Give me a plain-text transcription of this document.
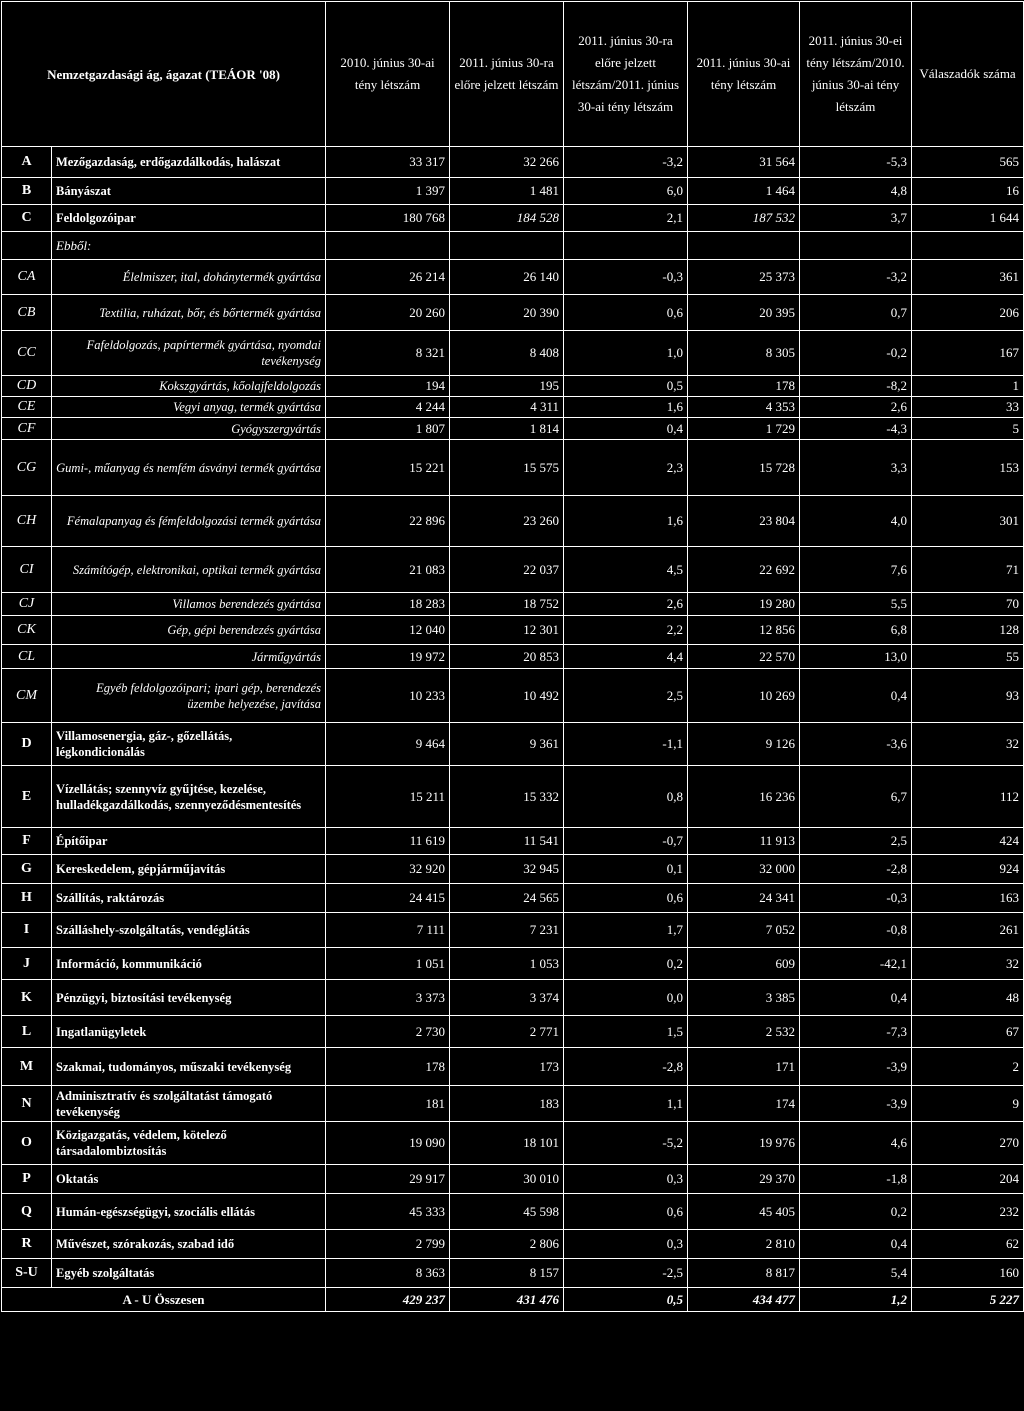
Nemzetgazdasági ág, ágazat (TEÁOR '08)		2010. június 30-ai tény létszám	2011. június 30-ra előre jelzett létszám	2011. június 30-ra előre jelzett létszám/2011. június 30-ai tény létszám	2011. június 30-ai tény létszám	2011. június 30-ei tény létszám/2010. június 30-ai tény létszám	Válaszadók száma
A	Mezőgazdaság, erdőgazdálkodás, halászat	33 317	32 266	-3,2	31 564	-5,3	565
B	Bányászat	1 397	1 481	6,0	1 464	4,8	16
C	Feldolgozóipar	180 768	184 528	2,1	187 532	3,7	1 644
	Ebből:						
CA	Élelmiszer, ital, dohánytermék gyártása	26 214	26 140	-0,3	25 373	-3,2	361
CB	Textilia, ruházat, bőr, és bőrtermék gyártása	20 260	20 390	0,6	20 395	0,7	206
CC	Fafeldolgozás, papírtermék gyártása, nyomdai tevékenység	8 321	8 408	1,0	8 305	-0,2	167
CD	Kokszgyártás, kőolajfeldolgozás	194	195	0,5	178	-8,2	1
CE	Vegyi anyag, termék gyártása	4 244	4 311	1,6	4 353	2,6	33
CF	Gyógyszergyártás	1 807	1 814	0,4	1 729	-4,3	5
CG	Gumi-, műanyag és nemfém ásványi termék gyártása	15 221	15 575	2,3	15 728	3,3	153
CH	Fémalapanyag és fémfeldolgozási termék gyártása	22 896	23 260	1,6	23 804	4,0	301
CI	Számítógép, elektronikai, optikai termék gyártása	21 083	22 037	4,5	22 692	7,6	71
CJ	Villamos berendezés gyártása	18 283	18 752	2,6	19 280	5,5	70
CK	Gép, gépi berendezés gyártása	12 040	12 301	2,2	12 856	6,8	128
CL	Járműgyártás	19 972	20 853	4,4	22 570	13,0	55
CM	Egyéb feldolgozóipari; ipari gép, berendezés üzembe helyezése, javítása	10 233	10 492	2,5	10 269	0,4	93
D	Villamosenergia, gáz-, gőzellátás, légkondicionálás	9 464	9 361	-1,1	9 126	-3,6	32
E	Vízellátás; szennyvíz gyűjtése, kezelése, hulladékgazdálkodás, szennyeződésmentesítés	15 211	15 332	0,8	16 236	6,7	112
F	Építőipar	11 619	11 541	-0,7	11 913	2,5	424
G	Kereskedelem, gépjárműjavítás	32 920	32 945	0,1	32 000	-2,8	924
H	Szállítás, raktározás	24 415	24 565	0,6	24 341	-0,3	163
I	Szálláshely-szolgáltatás, vendéglátás	7 111	7 231	1,7	7 052	-0,8	261
J	Információ, kommunikáció	1 051	1 053	0,2	609	-42,1	32
K	Pénzügyi, biztosítási tevékenység	3 373	3 374	0,0	3 385	0,4	48
L	Ingatlanügyletek	2 730	2 771	1,5	2 532	-7,3	67
M	Szakmai, tudományos, műszaki tevékenység	178	173	-2,8	171	-3,9	2
N	Adminisztratív és szolgáltatást támogató tevékenység	181	183	1,1	174	-3,9	9
O	Közigazgatás, védelem, kötelező társadalombiztosítás	19 090	18 101	-5,2	19 976	4,6	270
P	Oktatás	29 917	30 010	0,3	29 370	-1,8	204
Q	Humán-egészségügyi, szociális ellátás	45 333	45 598	0,6	45 405	0,2	232
R	Művészet, szórakozás, szabad idő	2 799	2 806	0,3	2 810	0,4	62
S-U	Egyéb szolgáltatás	8 363	8 157	-2,5	8 817	5,4	160
A - U Összesen		429 237	431 476	0,5	434 477	1,2	5 227
